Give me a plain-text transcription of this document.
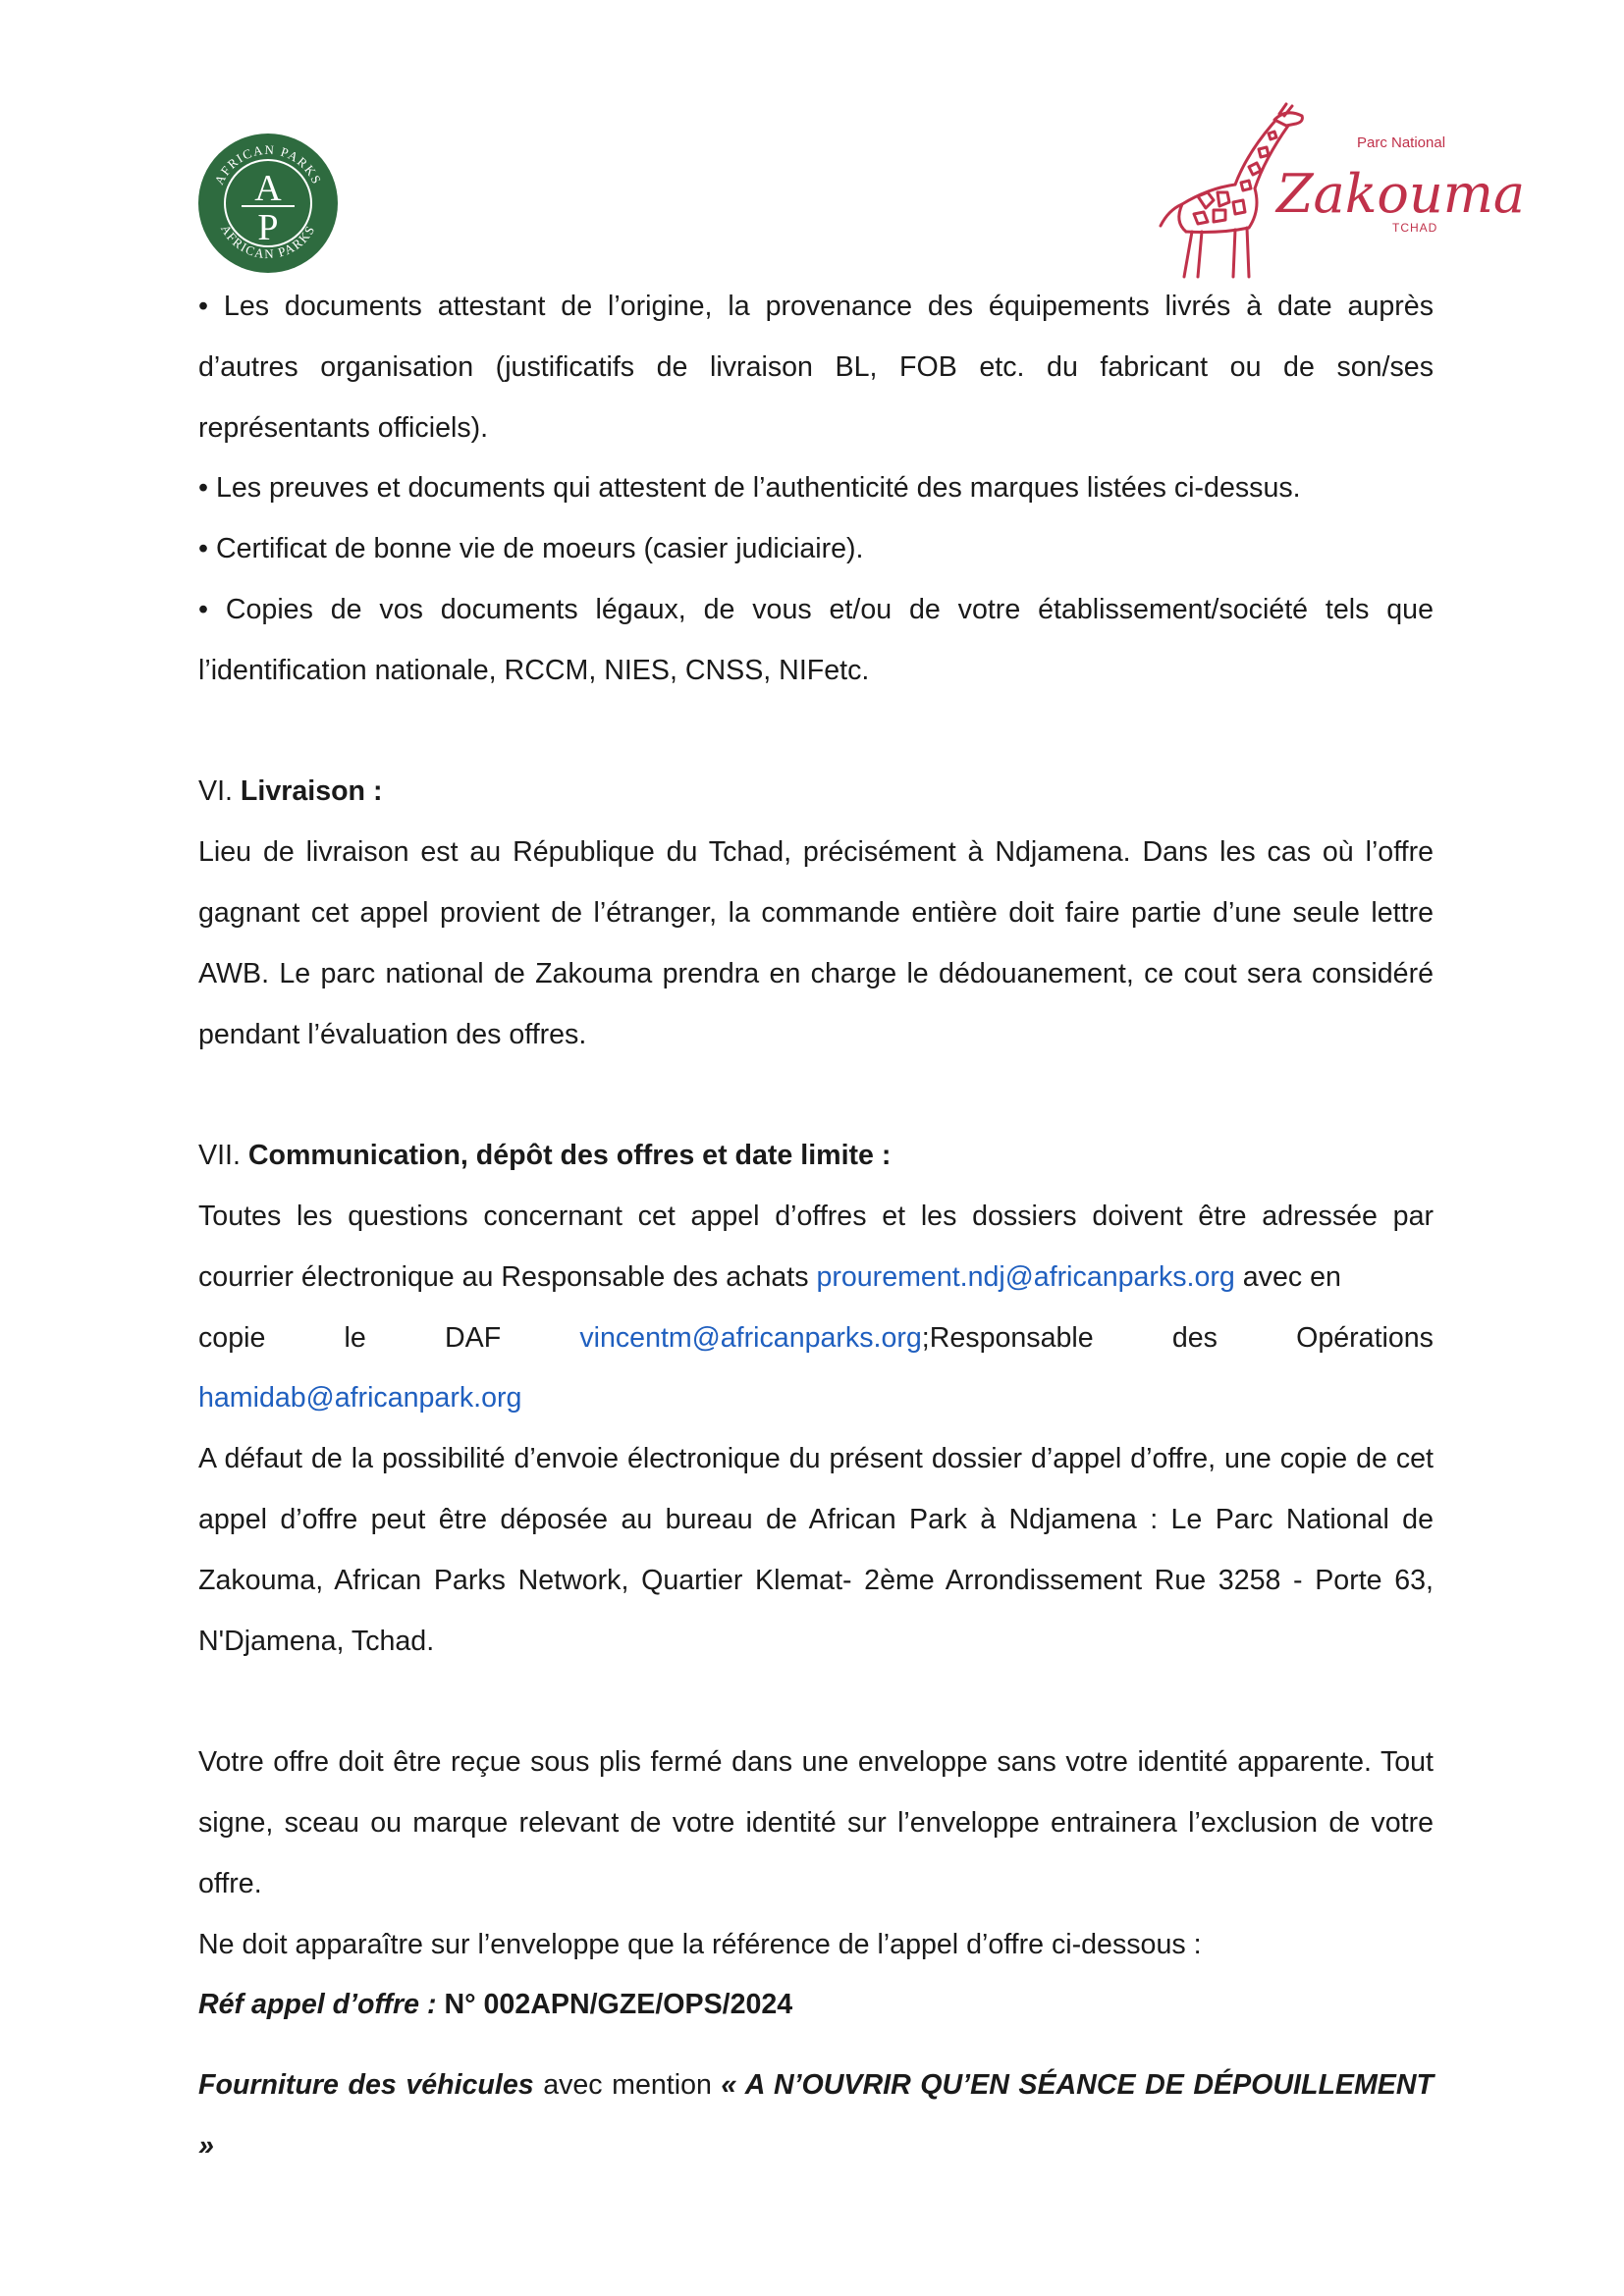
AFRICAN PARKS
AFRICAN PARKS
A
P
Parc National
Zakouma
TCHAD

• Les documents attestant de l’origine, la provenance des équipements livrés à date auprès d’autres organisation (justificatifs de livraison BL, FOB etc. du fabricant ou de son/ses représentants officiels).

• Les preuves et documents qui attestent de l’authenticité des marques listées ci-dessus.

• Certificat de bonne vie de moeurs (casier judiciaire).

• Copies de vos documents légaux, de vous et/ou de votre établissement/société tels que l’identification nationale, RCCM, NIES, CNSS, NIFetc.

VI. Livraison :

Lieu de livraison est au République du Tchad, précisément à Ndjamena. Dans les cas où l’offre gagnant cet appel provient de l’étranger, la commande entière doit faire partie d’une seule lettre AWB. Le parc national de Zakouma prendra en charge le dédouanement, ce cout sera considéré pendant l’évaluation des offres.

VII. Communication, dépôt des offres et date limite :

Toutes les questions concernant cet appel d’offres et les dossiers doivent être adressée par courrier électronique au Responsable des achats prourement.ndj@africanparks.org avec en

copie	le	DAF	vincentm@africanparks.org;Responsable	des	Opérations

hamidab@africanpark.org

A défaut de la possibilité d’envoie électronique du présent dossier d’appel d’offre, une copie de cet appel d’offre peut être déposée au bureau de African Park à Ndjamena : Le Parc National de Zakouma, African Parks Network, Quartier Klemat- 2ème Arrondissement Rue 3258 - Porte 63, N'Djamena, Tchad.

Votre offre doit être reçue sous plis fermé dans une enveloppe sans votre identité apparente. Tout signe, sceau ou marque relevant de votre identité sur l’enveloppe entrainera l’exclusion de votre offre.

Ne doit apparaître sur l’enveloppe que la référence de l’appel d’offre ci-dessous :

Réf appel d’offre : N° 002APN/GZE/OPS/2024

Fourniture des véhicules avec mention « A N’OUVRIR QU’EN SÉANCE DE DÉPOUILLEMENT »
